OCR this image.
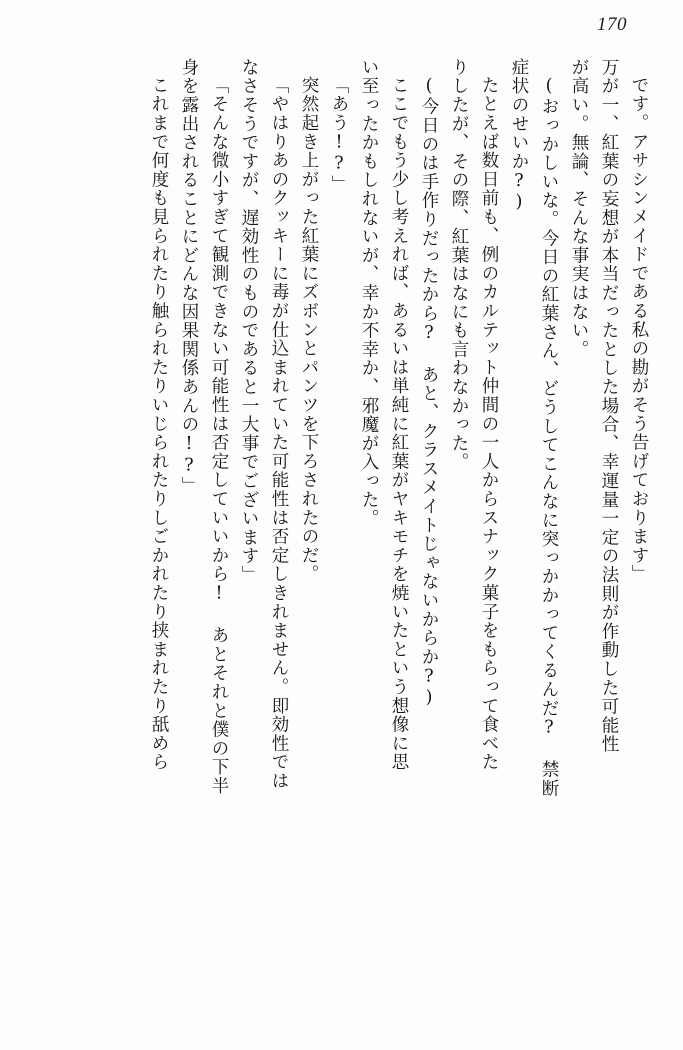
170
です。アサシンメイドである私の勘がそう告げております」
万が一、紅葉の妄想が本当だったとした場合、幸運量一定の法則が作動した可能性
が高い。無論、そんな事実はない。
(おっかしいな。今日の紅葉さん、どうしてこんなに突っかかってくるんだ? 禁断
症状のせいか?)
たとえば数日前も、例のカルテット仲間の一人からスナック菓子をもらって食べた
りしたが、その際、紅葉はなにも言わなかった。
(今日のは手作りだったから? あと、クラスメイトじゃないからか?)
ここでもう少し考えれば、あるいは単純に紅葉がヤキモチを焼いたという想像に思
い至ったかもしれないが、幸か不幸か、邪魔が入った。
「あう!?」
突然起き上がった紅葉にズボンとパンツを下ろされたのだ。
「やはりあのクッキーに毒が仕込まれていた可能性は否定しきれません。即効性では
なさそうですが、遅効性のものであると一大事でございます」
「そんな微小すぎて観測できない可能性は否定していいから! あとそれと僕の下半
身を露出されることにどんな因果関係あんの!?」
これまで何度も見られたり触られたりいじられたりしごかれたり挟まれたり舐めら
